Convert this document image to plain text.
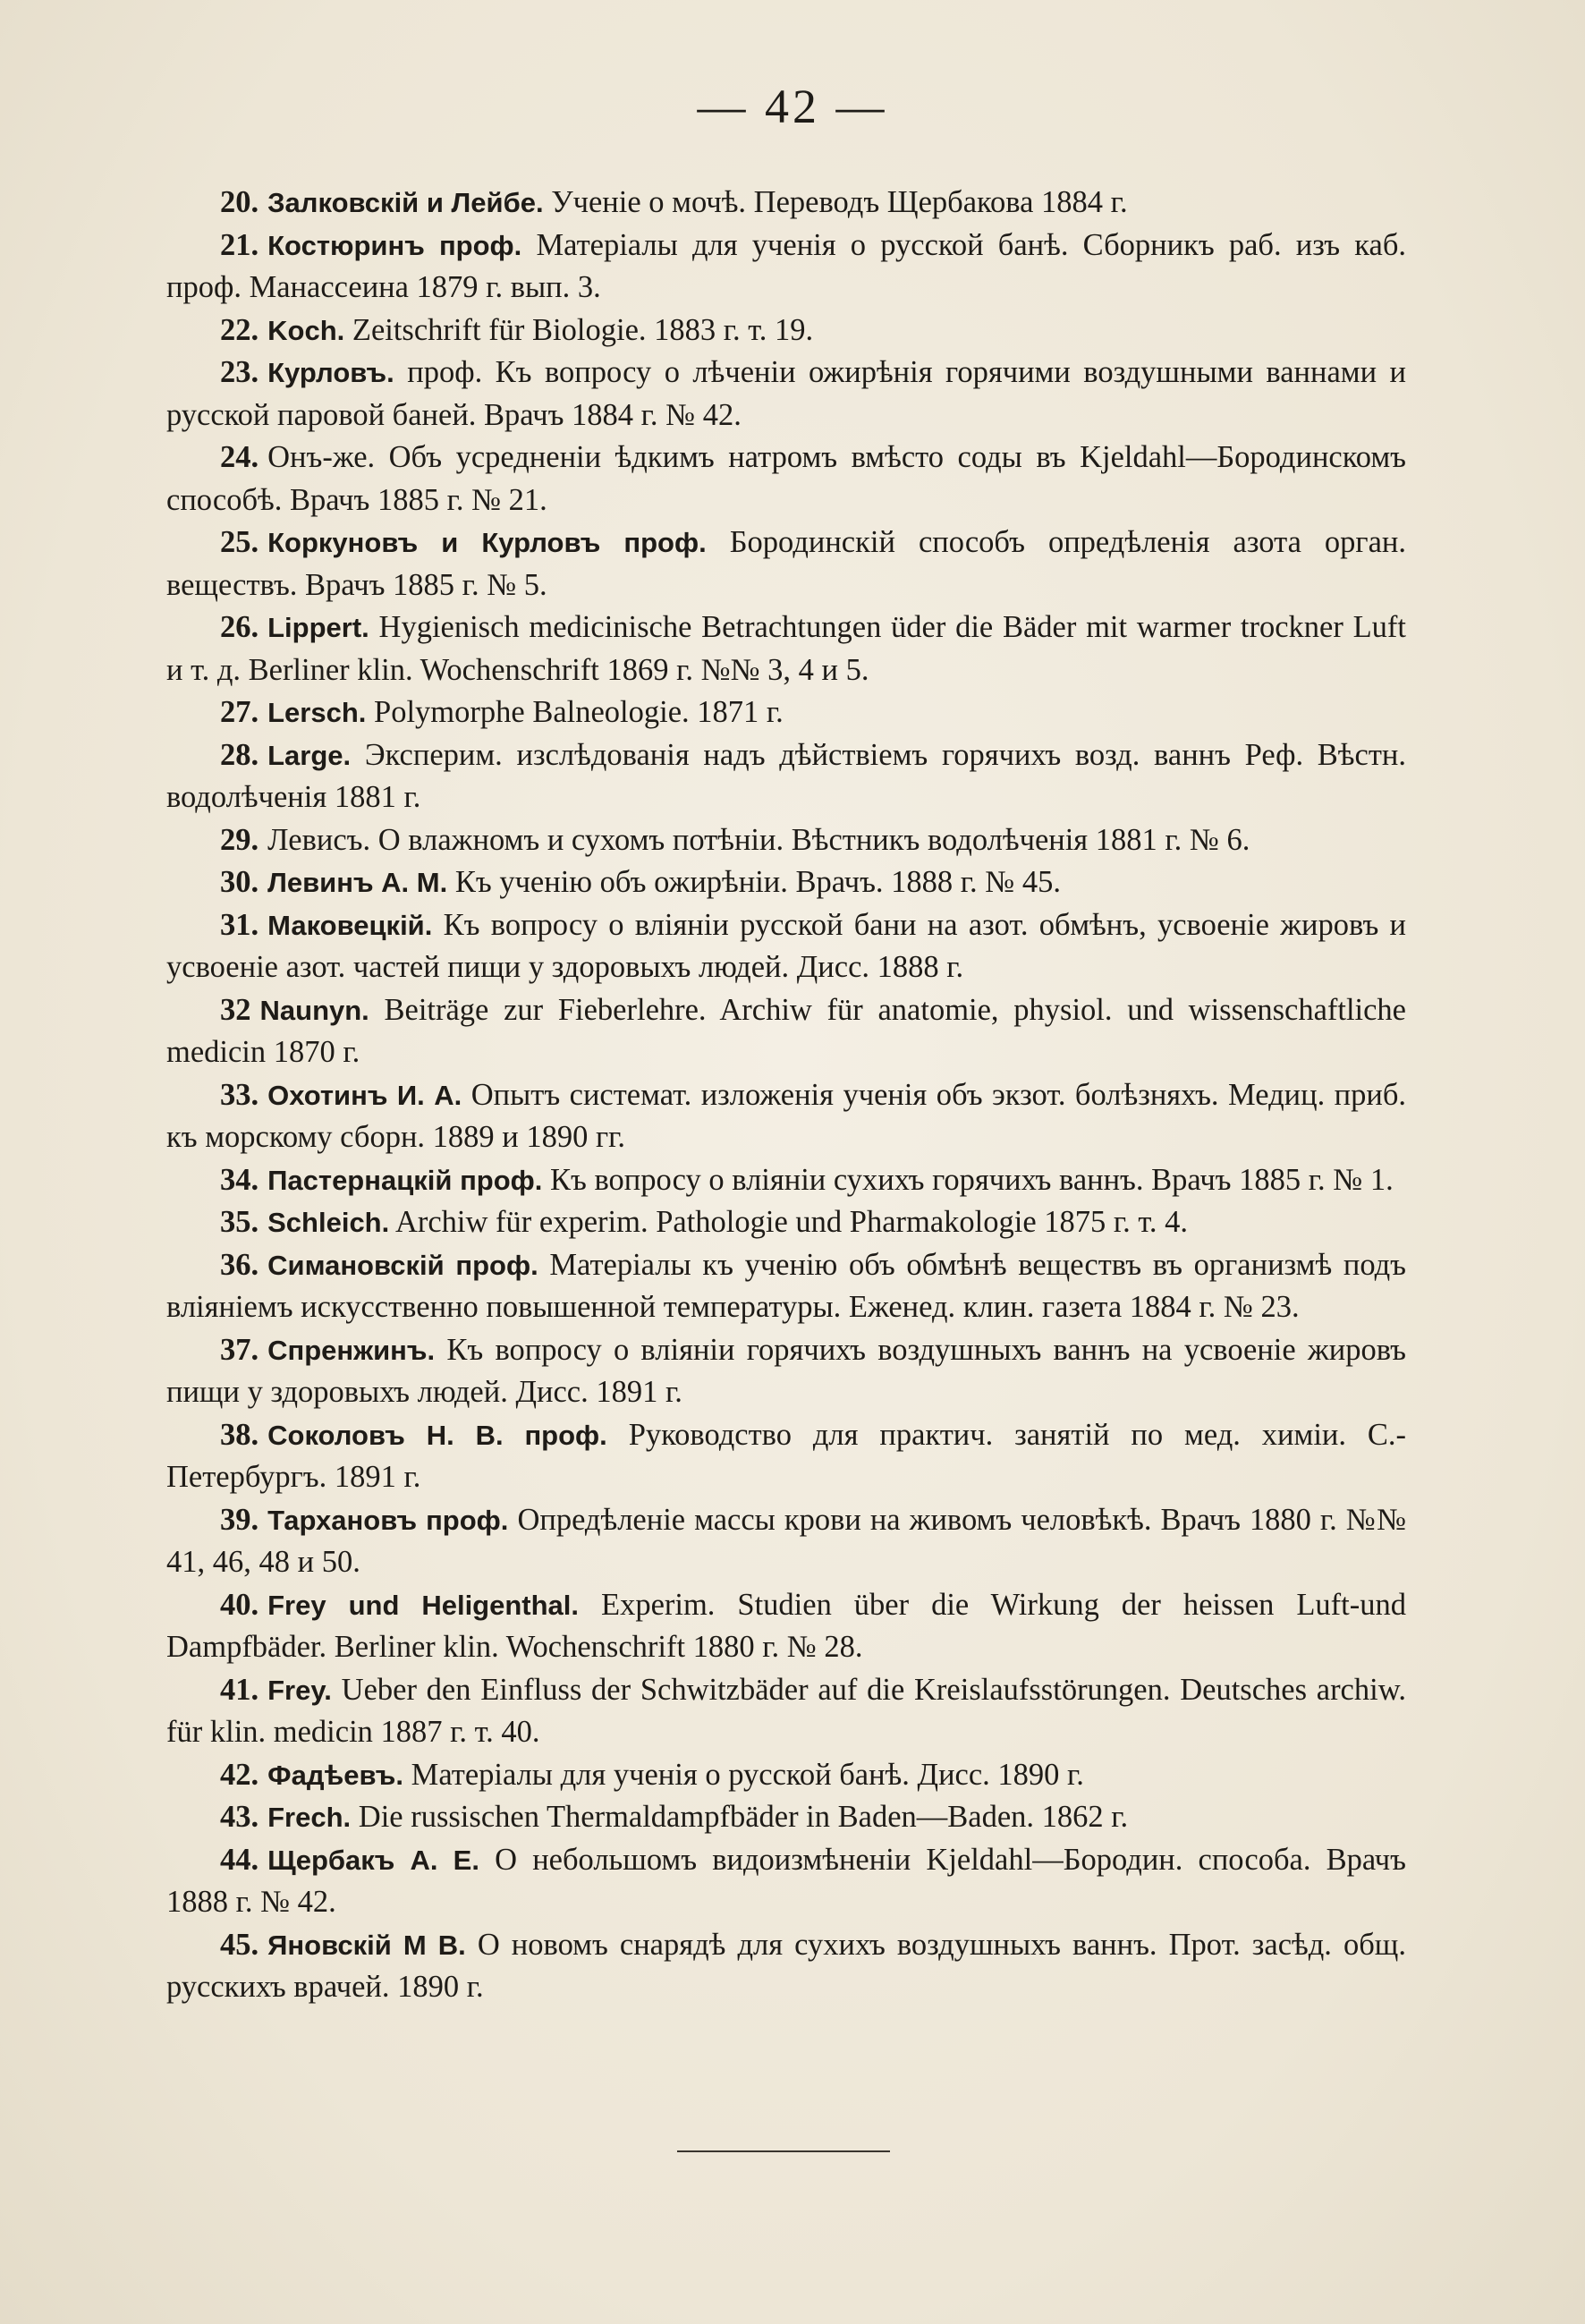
— 42 —

20. Залковскій и Лейбе. Ученіе о мочѣ. Переводъ Щербакова 1884 г.

21. Костюринъ проф. Матеріалы для ученія о русской банѣ. Сборникъ раб. изъ каб. проф. Манассеина 1879 г. вып. 3.

22. Koch. Zeitschrift für Biologie. 1883 г. т. 19.

23. Курловъ. проф. Къ вопросу о лѣченіи ожирѣнія горячими воздушными ваннами и русской паровой баней. Врачъ 1884 г. № 42.

24. Онъ-же. Объ усредненіи ѣдкимъ натромъ вмѣсто соды въ Kjeldahl—Бородинскомъ способѣ. Врачъ 1885 г. № 21.

25. Коркуновъ и Курловъ проф. Бородинскій способъ опредѣленія азота орган. веществъ. Врачъ 1885 г. № 5.

26. Lippert. Hygienisch medicinische Betrachtungen üder die Bäder mit warmer trockner Luft и т. д. Berliner klin. Wochenschrift 1869 г. №№ 3, 4 и 5.

27. Lersch. Polymorphe Balneologie. 1871 г.

28. Large. Эксперим. изслѣдованія надъ дѣйствіемъ горячихъ возд. ваннъ Реф. Вѣстн. водолѣченія 1881 г.

29. Левисъ. О влажномъ и сухомъ потѣніи. Вѣстникъ водолѣченія 1881 г. № 6.

30. Левинъ А. М. Къ ученію объ ожирѣніи. Врачъ. 1888 г. № 45.

31. Маковецкій. Къ вопросу о вліяніи русской бани на азот. обмѣнъ, усвоеніе жировъ и усвоеніе азот. частей пищи у здоровыхъ людей. Дисс. 1888 г.

32 Naunyn. Beiträge zur Fieberlehre. Archiw für anatomie, physiol. und wissenschaftliche medicin 1870 г.

33. Охотинъ И. А. Опытъ системат. изложенія ученія объ экзот. болѣзняхъ. Медиц. приб. къ морскому сборн. 1889 и 1890 гг.

34. Пастернацкій проф. Къ вопросу о вліяніи сухихъ горячихъ ваннъ. Врачъ 1885 г. № 1.

35. Schleich. Archiw für experim. Pathologie und Pharmakologie 1875 г. т. 4.

36. Симановскій проф. Матеріалы къ ученію объ обмѣнѣ веществъ въ организмѣ подъ вліяніемъ искусственно повышенной температуры. Еженед. клин. газета 1884 г. № 23.

37. Спренжинъ. Къ вопросу о вліяніи горячихъ воздушныхъ ваннъ на усвоеніе жировъ пищи у здоровыхъ людей. Дисс. 1891 г.

38. Соколовъ Н. В. проф. Руководство для практич. занятій по мед. химіи. С.-Петербургъ. 1891 г.

39. Тархановъ проф. Опредѣленіе массы крови на живомъ человѣкѣ. Врачъ 1880 г. №№ 41, 46, 48 и 50.

40. Frey und Heligenthal. Experim. Studien über die Wirkung der heissen Luft-und Dampfbäder. Berliner klin. Wochenschrift 1880 г. № 28.

41. Frey. Ueber den Einfluss der Schwitzbäder auf die Kreislaufsstörungen. Deutsches archiw. für klin. medicin 1887 г. т. 40.

42. Фадѣевъ. Матеріалы для ученія о русской банѣ. Дисс. 1890 г.

43. Frech. Die russischen Thermaldampfbäder in Baden—Baden. 1862 г.

44. Щербакъ А. Е. О небольшомъ видоизмѣненіи Kjeldahl—Бородин. способа. Врачъ 1888 г. № 42.

45. Яновскій М В. О новомъ снарядѣ для сухихъ воздушныхъ ваннъ. Прот. засѣд. общ. русскихъ врачей. 1890 г.
